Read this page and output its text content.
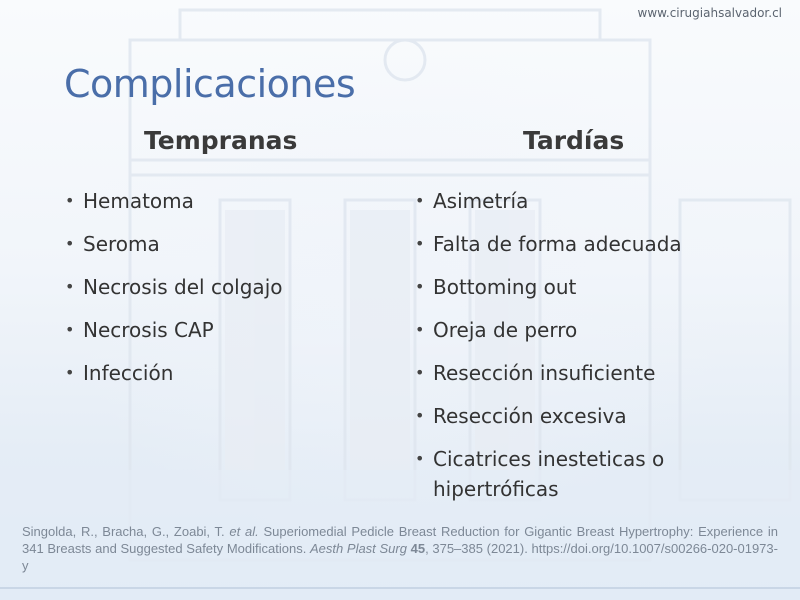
www.cirugiahsalvador.cl
Complicaciones
Tempranas	Tardías
• Hematoma
• Seroma
• Necrosis del colgajo
• Necrosis CAP
• Infección
• Asimetría
• Falta de forma adecuada
• Bottoming out
• Oreja de perro
• Resección insuficiente
• Resección excesiva
• Cicatrices inesteticas o hipertróficas
Singolda, R., Bracha, G., Zoabi, T. et al. Superiomedial Pedicle Breast Reduction for Gigantic Breast Hypertrophy: Experience in 341 Breasts and Suggested Safety Modifications. Aesth Plast Surg 45, 375–385 (2021). https://doi.org/10.1007/s00266-020-01973-y
